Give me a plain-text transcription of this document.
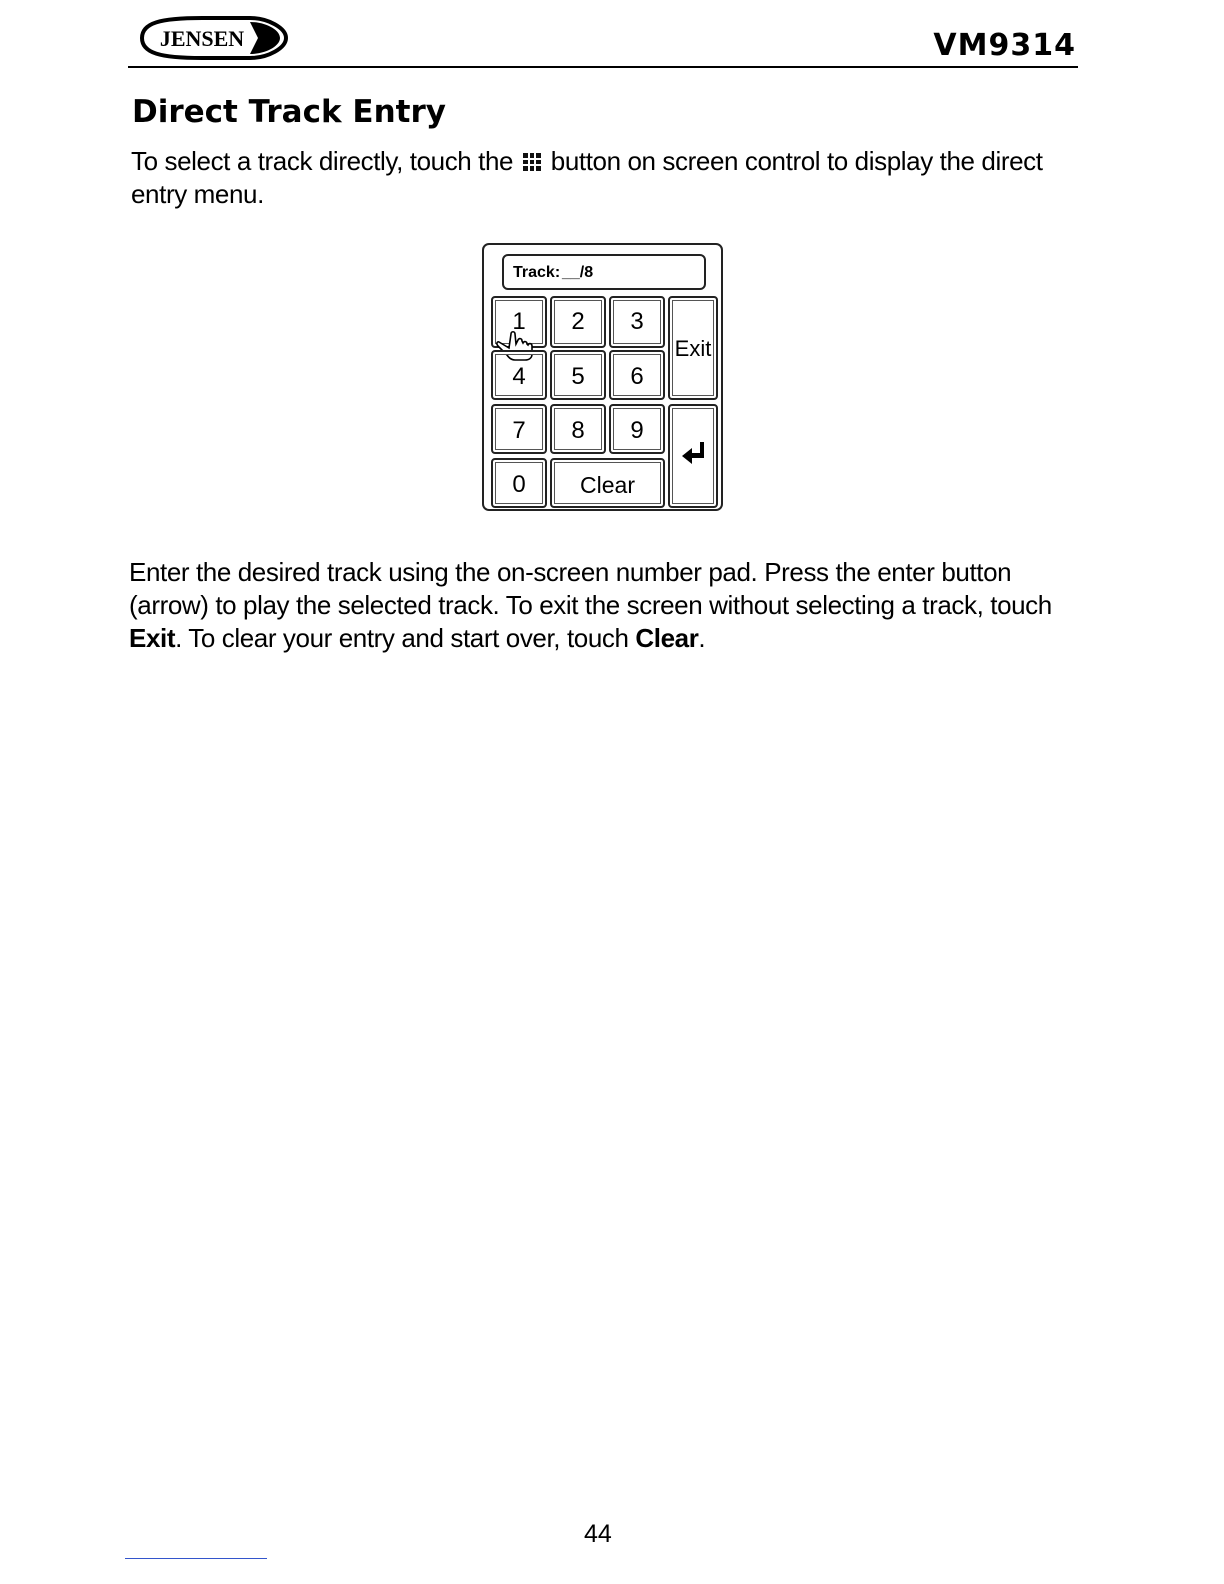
JENSEN	VM9314
Direct Track Entry

To select a track directly, touch the button on screen control to display the direct entry menu.

Track: __/8
1	2	3
Exit
4	5	6
7	8	9
0	Clear

Enter the desired track using the on-screen number pad. Press the enter button (arrow) to play the selected track. To exit the screen without selecting a track, touch Exit. To clear your entry and start over, touch Clear.

44
